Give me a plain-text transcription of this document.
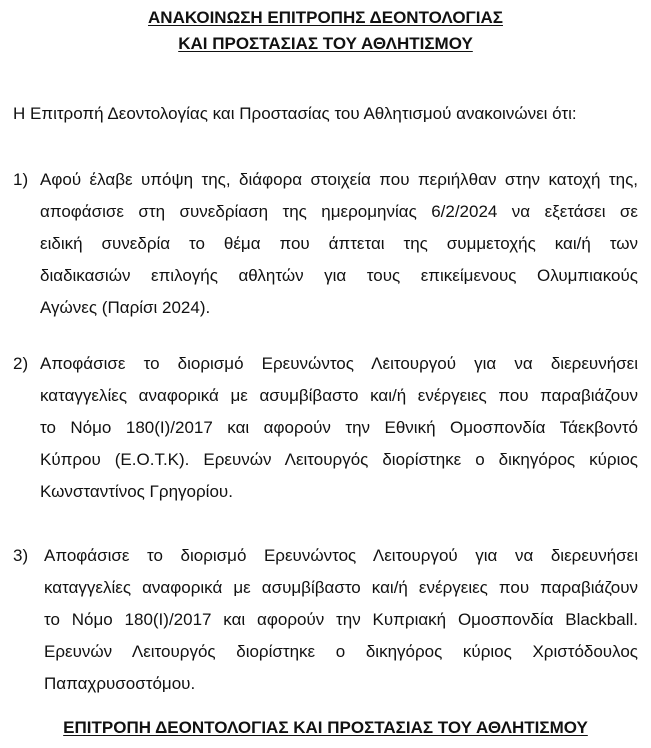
ΑΝΑΚΟΙΝΩΣΗ ΕΠΙΤΡΟΠΗΣ ΔΕΟΝΤΟΛΟΓΙΑΣ
ΚΑΙ ΠΡΟΣΤΑΣΙΑΣ ΤΟΥ ΑΘΛΗΤΙΣΜΟΥ
Η Επιτροπή Δεοντολογίας και Προστασίας του Αθλητισμού ανακοινώνει ότι:
1) Αφού έλαβε υπόψη της, διάφορα στοιχεία που περιήλθαν στην κατοχή της,
αποφάσισε στη συνεδρίαση της ημερομηνίας 6/2/2024 να εξετάσει σε
ειδική συνεδρία το θέμα που άπτεται της συμμετοχής και/ή των
διαδικασιών επιλογής αθλητών για τους επικείμενους Ολυμπιακούς
Αγώνες (Παρίσι 2024).
2) Αποφάσισε το διορισμό Ερευνώντος Λειτουργού για να διερευνήσει
καταγγελίες αναφορικά με ασυμβίβαστο και/ή ενέργειες που παραβιάζουν
το Νόμο 180(Ι)/2017 και αφορούν την Εθνική Ομοσπονδία Τάεκβοντό
Κύπρου (Ε.Ο.Τ.Κ). Ερευνών Λειτουργός διορίστηκε ο δικηγόρος κύριος
Κωνσταντίνος Γρηγορίου.
3) Αποφάσισε το διορισμό Ερευνώντος Λειτουργού για να διερευνήσει
καταγγελίες αναφορικά με ασυμβίβαστο και/ή ενέργειες που παραβιάζουν
το Νόμο 180(Ι)/2017 και αφορούν την Κυπριακή Ομοσπονδία Blackball.
Ερευνών Λειτουργός διορίστηκε ο δικηγόρος κύριος Χριστόδουλος
Παπαχρυσοστόμου.
ΕΠΙΤΡΟΠΗ ΔΕΟΝΤΟΛΟΓΙΑΣ ΚΑΙ ΠΡΟΣΤΑΣΙΑΣ ΤΟΥ ΑΘΛΗΤΙΣΜΟΥ
